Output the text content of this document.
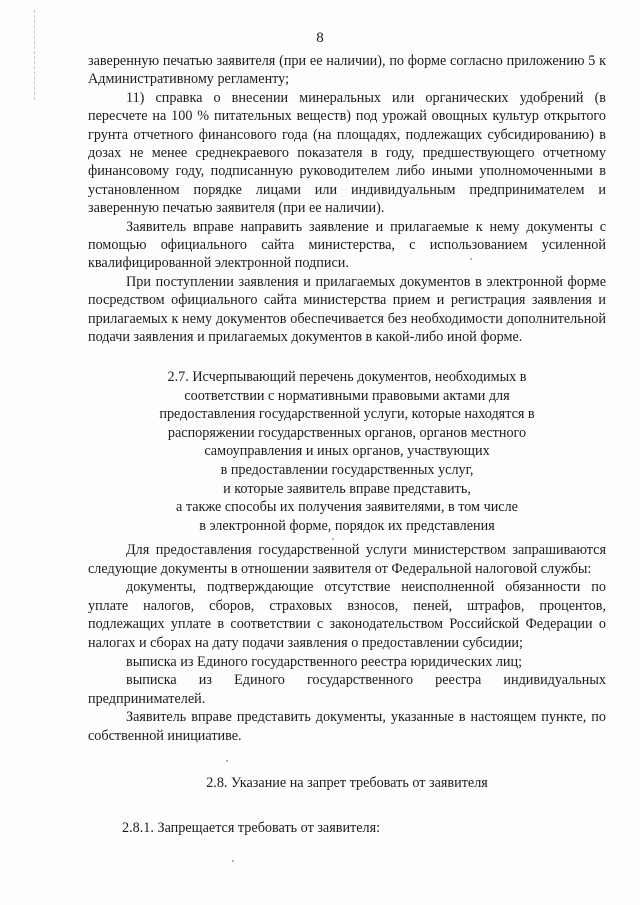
8

заверенную печатью заявителя (при ее наличии), по форме согласно приложению 5 к Административному регламенту;

11) справка о внесении минеральных или органических удобрений (в пересчете на 100 % питательных веществ) под урожай овощных культур открытого грунта отчетного финансового года (на площадях, подлежащих субсидированию) в дозах не менее среднекраевого показателя в году, предшествующего отчетному финансовому году, подписанную руководителем либо иными уполномоченными в установленном порядке лицами или индивидуальным предпринимателем и заверенную печатью заявителя (при ее наличии).

Заявитель вправе направить заявление и прилагаемые к нему документы с помощью официального сайта министерства, с использованием усиленной квалифицированной электронной подписи.

При поступлении заявления и прилагаемых документов в электронной форме посредством официального сайта министерства прием и регистрация заявления и прилагаемых к нему документов обеспечивается без необходимости дополнительной подачи заявления и прилагаемых документов в какой-либо иной форме.

2.7. Исчерпывающий перечень документов, необходимых в
соответствии с нормативными правовыми актами для
предоставления государственной услуги, которые находятся в
распоряжении государственных органов, органов местного
самоуправления и иных органов, участвующих
в предоставлении государственных услуг,
и которые заявитель вправе представить,
а также способы их получения заявителями, в том числе
в электронной форме, порядок их представления

Для предоставления государственной услуги министерством запрашиваются следующие документы в отношении заявителя от Федеральной налоговой службы:

документы, подтверждающие отсутствие неисполненной обязанности по уплате налогов, сборов, страховых взносов, пеней, штрафов, процентов, подлежащих уплате в соответствии с законодательством Российской Федерации о налогах и сборах на дату подачи заявления о предоставлении субсидии;

выписка из Единого государственного реестра юридических лиц;

выписка из Единого государственного реестра индивидуальных предпринимателей.

Заявитель вправе представить документы, указанные в настоящем пункте, по собственной инициативе.

2.8. Указание на запрет требовать от заявителя
2.8.1. Запрещается требовать от заявителя:
